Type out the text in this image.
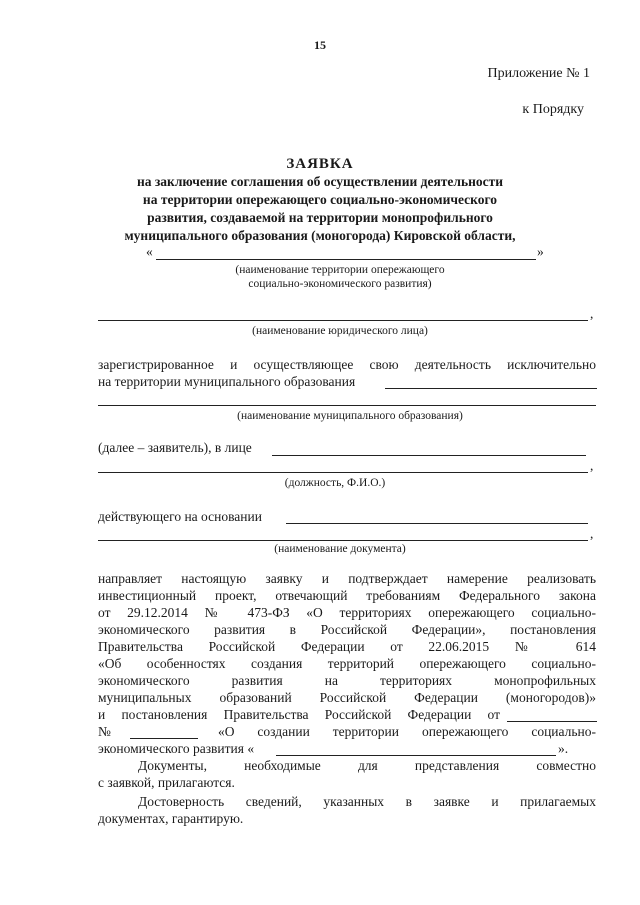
15
Приложение № 1
к Порядку
ЗАЯВКА
на заключение соглашения об осуществлении деятельности
на территории опережающего социально-экономического
развития, создаваемой на территории монопрофильного
муниципального образования (моногорода) Кировской области,
«	»
(наименование территории опережающего
социально-экономического развития)
,
(наименование юридического лица)
зарегистрированное и осуществляющее свою деятельность исключительно
на территории муниципального образования
(наименование муниципального образования)
(далее – заявитель), в лице
,
(должность, Ф.И.О.)
действующего на основании
,
(наименование документа)
направляет настоящую заявку и подтверждает намерение реализовать
инвестиционный проект, отвечающий требованиям Федерального закона
от 29.12.2014 № 473-ФЗ «О территориях опережающего социально-
экономического развития в Российской Федерации», постановления
Правительства Российской Федерации от 22.06.2015 № 614
«Об особенностях создания территорий опережающего социально-
экономического развития на территориях монопрофильных
муниципальных образований Российской Федерации (моногородов)»
и постановления Правительства Российской Федерации от
№	«О создании территории опережающего социально-
экономического развития «	».
Документы, необходимые для представления совместно
с заявкой, прилагаются.
Достоверность сведений, указанных в заявке и прилагаемых
документах, гарантирую.
